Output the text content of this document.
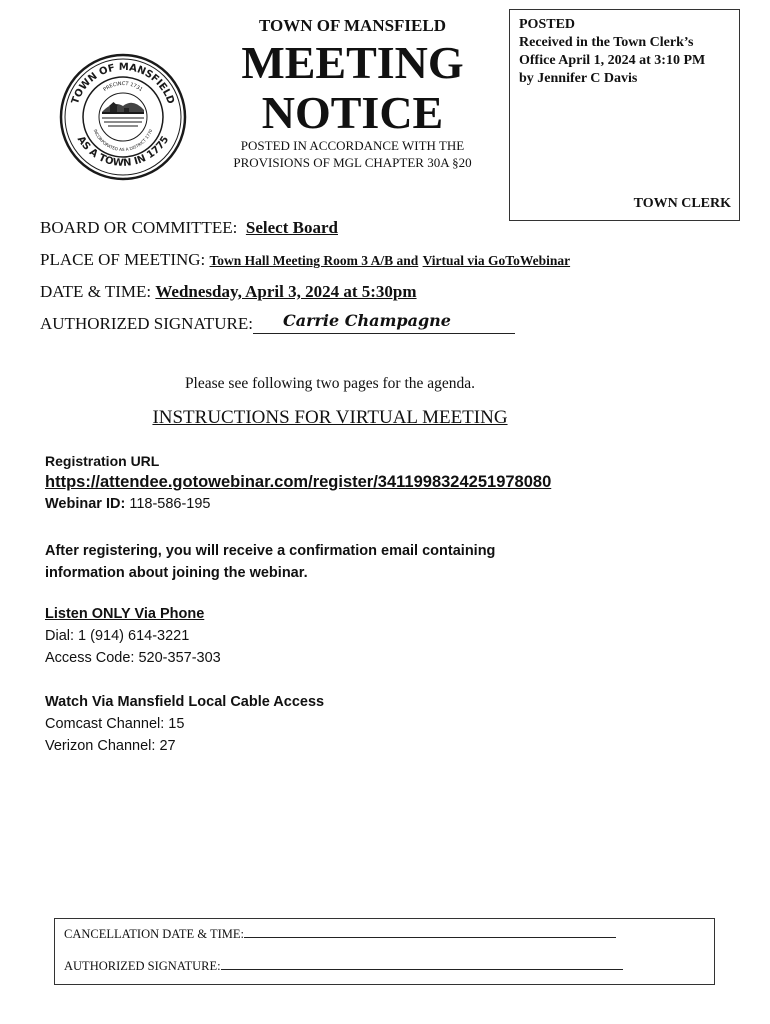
TOWN OF MANSFIELD
AS A TOWN IN 1775
PRECINCT 1731
INCORPORATED AS A DISTRICT 1770
TOWN OF MANSFIELD
MEETING
NOTICE
POSTED IN ACCORDANCE WITH THE
PROVISIONS OF MGL CHAPTER 30A §20
POSTED
Received in the Town Clerk’s
Office April 1, 2024 at 3:10 PM
by Jennifer C Davis
TOWN CLERK
BOARD OR COMMITTEE: Select Board
PLACE OF MEETING: Town Hall Meeting Room 3 A/B and Virtual via GoToWebinar
DATE & TIME: Wednesday, April 3, 2024 at 5:30pm
AUTHORIZED SIGNATURE: Carrie Champagne
Please see following two pages for the agenda.
INSTRUCTIONS FOR VIRTUAL MEETING
Registration URL
https://attendee.gotowebinar.com/register/3411998324251978080
Webinar ID: 118-586-195
After registering, you will receive a confirmation email containing information about joining the webinar.
Listen ONLY Via Phone
Dial: 1 (914) 614-3221
Access Code: 520-357-303
Watch Via Mansfield Local Cable Access
Comcast Channel: 15
Verizon Channel: 27
CANCELLATION DATE & TIME:
AUTHORIZED SIGNATURE:
